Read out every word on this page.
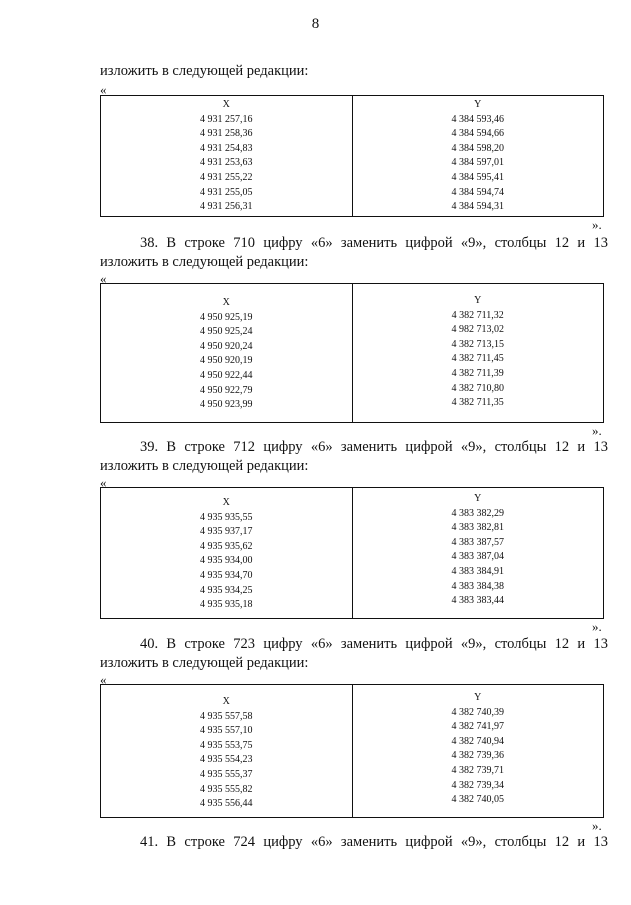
8
изложить в следующей редакции:
«
X
4 931 257,16
4 931 258,36
4 931 254,83
4 931 253,63
4 931 255,22
4 931 255,05
4 931 256,31
Y
4 384 593,46
4 384 594,66
4 384 598,20
4 384 597,01
4 384 595,41
4 384 594,74
4 384 594,31
».
38. В строке 710 цифру «6» заменить цифрой «9», столбцы 12 и 13
изложить в следующей редакции:
«
X
4 950 925,19
4 950 925,24
4 950 920,24
4 950 920,19
4 950 922,44
4 950 922,79
4 950 923,99
Y
4 382 711,32
4 982 713,02
4 382 713,15
4 382 711,45
4 382 711,39
4 382 710,80
4 382 711,35
».
39. В строке 712 цифру «6» заменить цифрой «9», столбцы 12 и 13
изложить в следующей редакции:
«
X
4 935 935,55
4 935 937,17
4 935 935,62
4 935 934,00
4 935 934,70
4 935 934,25
4 935 935,18
Y
4 383 382,29
4 383 382,81
4 383 387,57
4 383 387,04
4 383 384,91
4 383 384,38
4 383 383,44
».
40. В строке 723 цифру «6» заменить цифрой «9», столбцы 12 и 13
изложить в следующей редакции:
«
X
4 935 557,58
4 935 557,10
4 935 553,75
4 935 554,23
4 935 555,37
4 935 555,82
4 935 556,44
Y
4 382 740,39
4 382 741,97
4 382 740,94
4 382 739,36
4 382 739,71
4 382 739,34
4 382 740,05
».
41. В строке 724 цифру «6» заменить цифрой «9», столбцы 12 и 13
